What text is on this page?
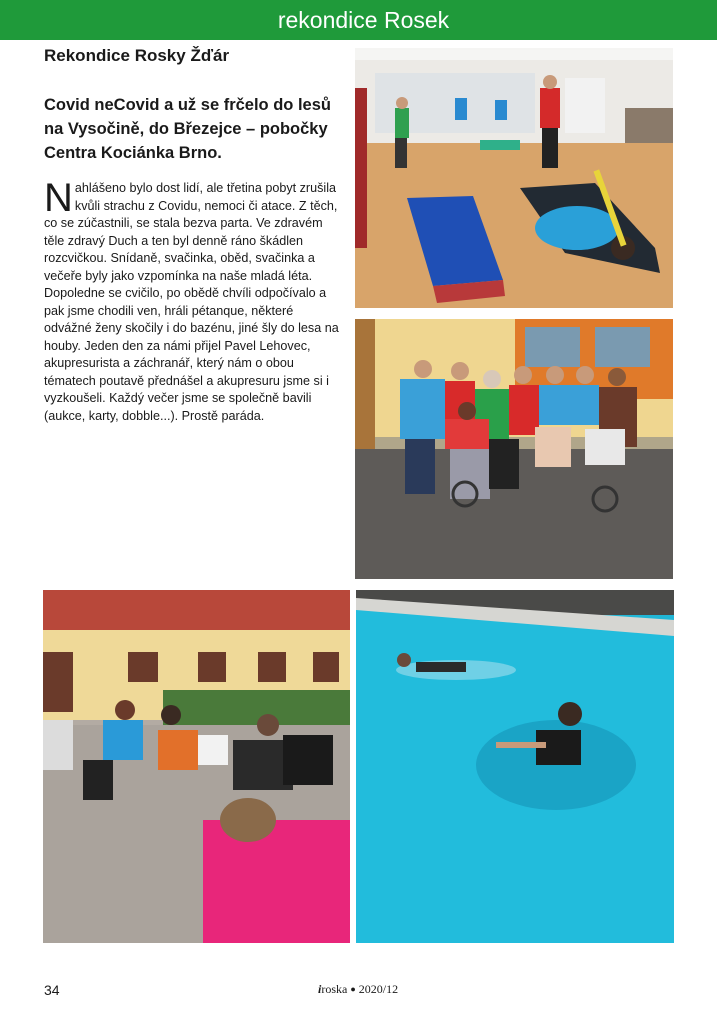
rekondice Rosek
Rekondice Rosky Žďár
Covid neCovid a už se frčelo do lesů na Vysočině, do Březejce – pobočky Centra Kociánka Brno.

Nahlášeno bylo dost lidí, ale třetina pobyt zrušila kvůli strachu z Covidu, nemoci či atace. Z těch, co se zúčastnili, se stala bezva parta. Ve zdravém těle zdravý Duch a ten byl denně ráno škádlen rozcvičkou. Snídaně, svačinka, oběd, svačinka a večeře byly jako vzpomínka na naše mladá léta. Dopoledne se cvičilo, po obědě chvíli odpočívalo a pak jsme chodili ven, hráli pétanque, některé odvážné ženy skočily i do bazénu, jiné šly do lesa na houby. Jeden den za námi přijel Pavel Lehovec, akupresurista a záchranář, který nám o obou tématech poutavě přednášel a akupresuru jsme si i vyzkoušeli. Každý večer jsme se společně bavili (aukce, karty, dobble...). Prostě paráda.

34	iroska ● 2020/12
